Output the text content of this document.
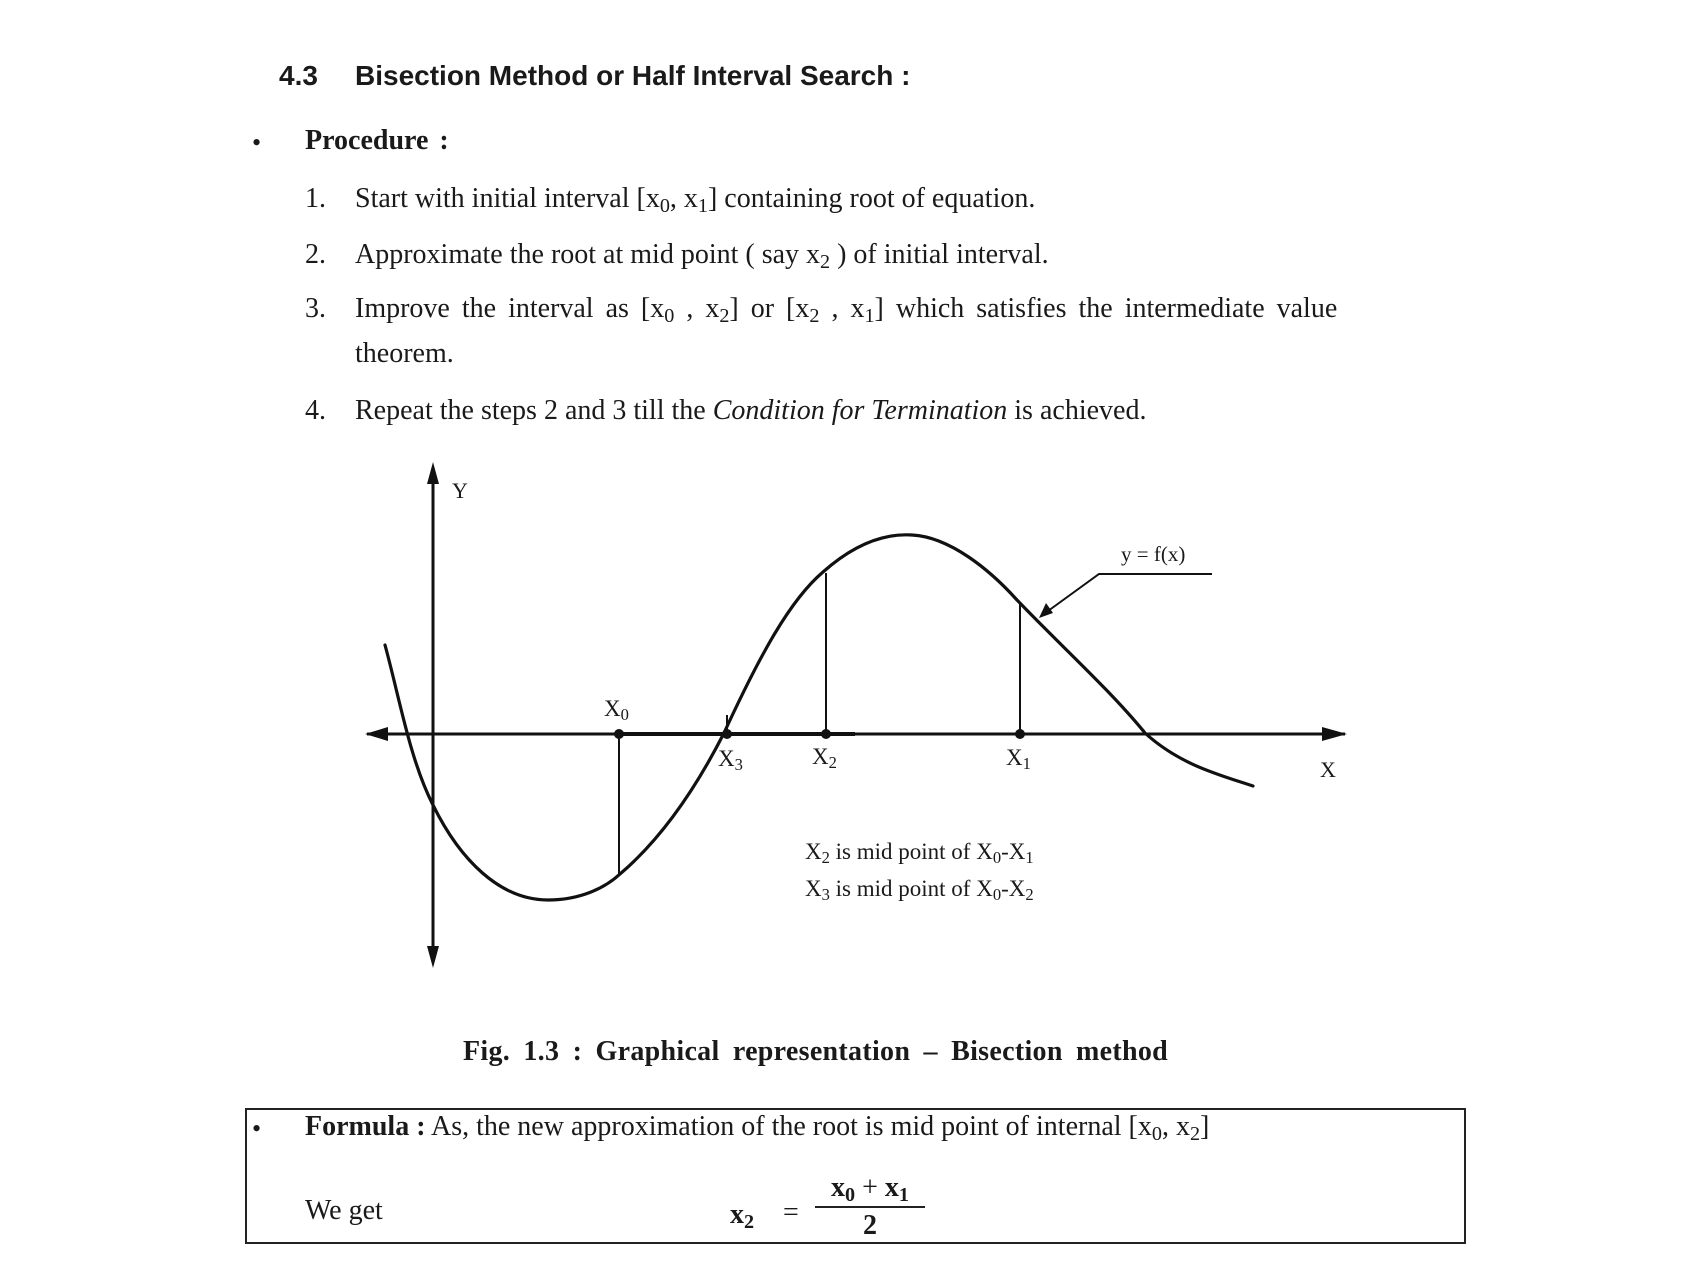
4.3 Bisection Method or Half Interval Search :
• Procedure :
1. Start with initial interval [$x_0$, $x_1$] containing root of equation.
2. Approximate the root at mid point ( say $x_2$ ) of initial interval.
3. Improve the interval as [$x_0$ , $x_2$] or [$x_2$ , $x_1$] which satisfies the intermediate value
theorem.
4. Repeat the steps 2 and 3 till the Condition for Termination is achieved.
Y
X
y = f(x)
$X_0$
$X_3$	$X_2$	$X_1$
$X_2$ is mid point of $X_0-X_1$
$X_3$ is mid point of $X_0-X_2$
Fig. 1.3 : Graphical representation – Bisection method
• Formula : As, the new approximation of the root is mid point of internal [$x_0$, $x_2$]
We get	$x_2 = \frac{x_0 + x_1}{2}$
